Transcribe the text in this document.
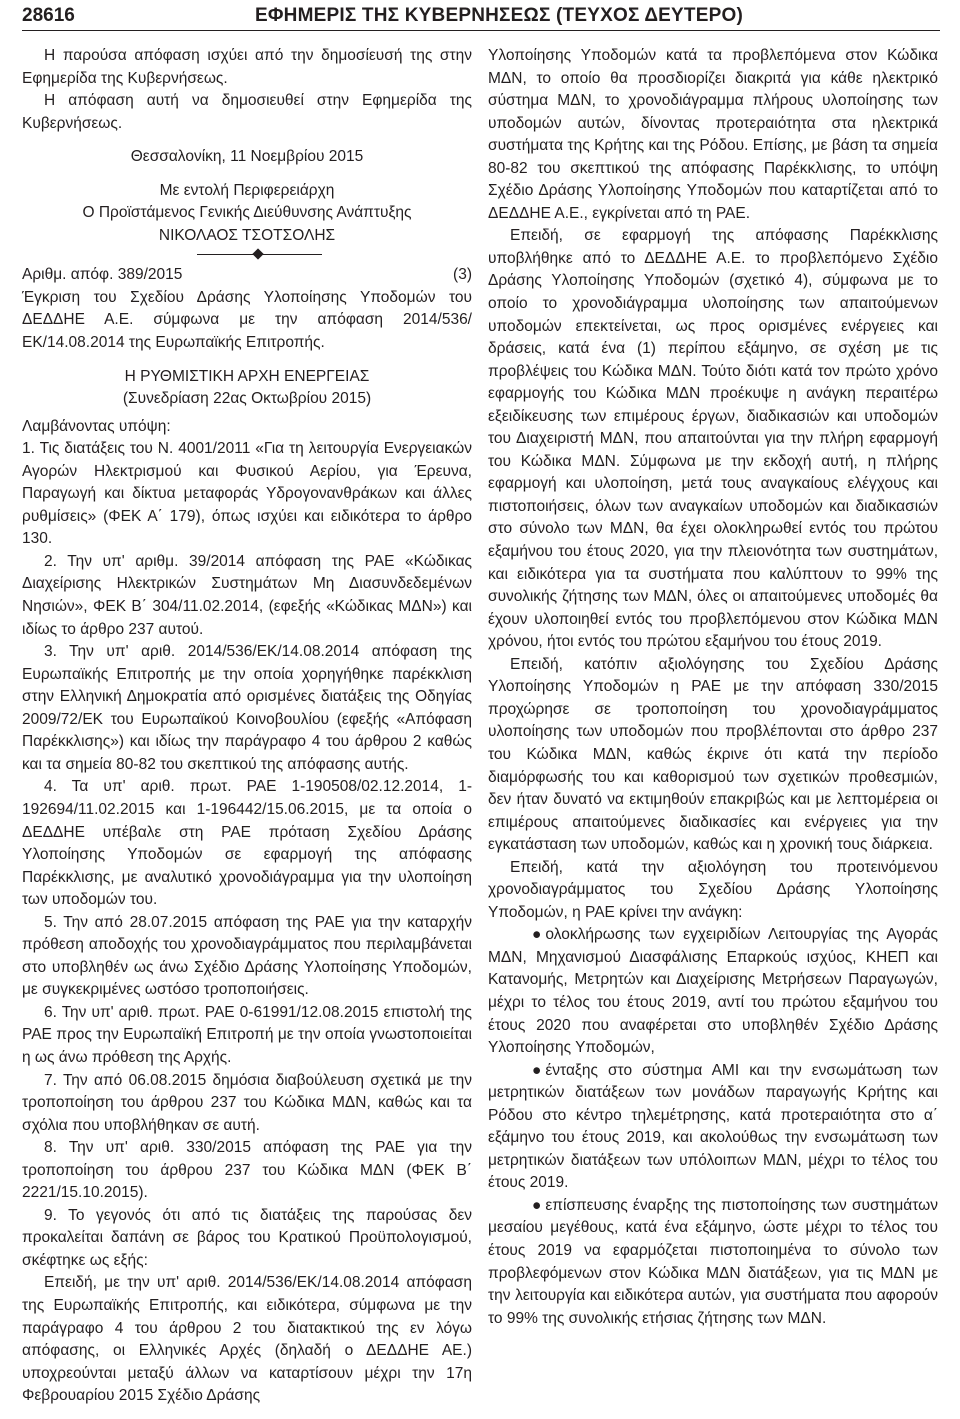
28616	ΕΦΗΜΕΡΙΣ ΤΗΣ ΚΥΒΕΡΝΗΣΕΩΣ (ΤΕΥΧΟΣ ΔΕΥΤΕΡΟ)

Η παρούσα απόφαση ισχύει από την δημοσίευσή της στην Εφημερίδα της Κυβερνήσεως.

Η απόφαση αυτή να δημοσιευθεί στην Εφημερίδα της Κυβερνήσεως.

Θεσσαλονίκη, 11 Νοεμβρίου 2015

Με εντολή Περιφερειάρχη

Ο Προϊστάμενος Γενικής Διεύθυνσης Ανάπτυξης

ΝΙΚΟΛΑΟΣ ΤΣΟΤΣΟΛΗΣ

Αριθμ. απόφ. 389/2015	(3)

Έγκριση του Σχεδίου Δράσης Υλοποίησης Υποδομών του ΔΕΔΔΗΕ Α.Ε. σύμφωνα με την απόφαση 2014/536/ ΕΚ/14.08.2014 της Ευρωπαϊκής Επιτροπής.

Η ΡΥΘΜΙΣΤΙΚΗ ΑΡΧΗ ΕΝΕΡΓΕΙΑΣ

(Συνεδρίαση 22ας Οκτωβρίου 2015)

Λαμβάνοντας υπόψη:

1. Τις διατάξεις του Ν. 4001/2011 «Για τη λειτουργία Ενεργειακών Αγορών Ηλεκτρισμού και Φυσικού Αερίου, για Έρευνα, Παραγωγή και δίκτυα μεταφοράς Υδρογονανθράκων και άλλες ρυθμίσεις» (ΦΕΚ Α΄ 179), όπως ισχύει και ειδικότερα το άρθρο 130.

2. Την υπ' αριθμ. 39/2014 απόφαση της ΡΑΕ «Κώδικας Διαχείρισης Ηλεκτρικών Συστημάτων Μη Διασυνδεδεμένων Νησιών», ΦΕΚ Β΄ 304/11.02.2014, (εφεξής «Κώδικας ΜΔΝ») και ιδίως το άρθρο 237 αυτού.

3. Την υπ' αριθ. 2014/536/ΕΚ/14.08.2014 απόφαση της Ευρωπαϊκής Επιτροπής με την οποία χορηγήθηκε παρέκκλιση στην Ελληνική Δημοκρατία από ορισμένες διατάξεις της Οδηγίας 2009/72/ΕΚ του Ευρωπαϊκού Κοινοβουλίου (εφεξής «Απόφαση Παρέκκλισης») και ιδίως την παράγραφο 4 του άρθρου 2 καθώς και τα σημεία 80-82 του σκεπτικού της απόφασης αυτής.

4. Τα υπ' αριθ. πρωτ. ΡΑΕ 1-190508/02.12.2014, 1-192694/11.02.2015 και 1-196442/15.06.2015, με τα οποία ο ΔΕΔΔΗΕ υπέβαλε στη ΡΑΕ πρόταση Σχεδίου Δράσης Υλοποίησης Υποδομών σε εφαρμογή της απόφασης Παρέκκλισης, με αναλυτικό χρονοδιάγραμμα για την υλοποίηση των υποδομών του.

5. Την από 28.07.2015 απόφαση της ΡΑΕ για την καταρχήν πρόθεση αποδοχής του χρονοδιαγράμματος που περιλαμβάνεται στο υποβληθέν ως άνω Σχέδιο Δράσης Υλοποίησης Υποδομών, με συγκεκριμένες ωστόσο τροποποιήσεις.

6. Την υπ' αριθ. πρωτ. ΡΑΕ 0-61991/12.08.2015 επιστολή της ΡΑΕ προς την Ευρωπαϊκή Επιτροπή με την οποία γνωστοποιείται η ως άνω πρόθεση της Αρχής.

7. Την από 06.08.2015 δημόσια διαβούλευση σχετικά με την τροποποίηση του άρθρου 237 του Κώδικα ΜΔΝ, καθώς και τα σχόλια που υποβλήθηκαν σε αυτή.

8. Την υπ' αριθ. 330/2015 απόφαση της ΡΑΕ για την τροποποίηση του άρθρου 237 του Κώδικα ΜΔΝ (ΦΕΚ Β΄ 2221/15.10.2015).

9. Το γεγονός ότι από τις διατάξεις της παρούσας δεν προκαλείται δαπάνη σε βάρος του Κρατικού Προϋπολογισμού, σκέφτηκε ως εξής:

Επειδή, με την υπ' αριθ. 2014/536/ΕΚ/14.08.2014 απόφαση της Ευρωπαϊκής Επιτροπής, και ειδικότερα, σύμφωνα με την παράγραφο 4 του άρθρου 2 του διατακτικού της εν λόγω απόφασης, οι Ελληνικές Αρχές (δηλαδή ο ΔΕΔΔΗΕ ΑΕ.) υποχρεούνται μεταξύ άλλων να καταρτίσουν μέχρι την 17η Φεβρουαρίου 2015 Σχέδιο Δράσης

Υλοποίησης Υποδομών κατά τα προβλεπόμενα στον Κώδικα ΜΔΝ, το οποίο θα προσδιορίζει διακριτά για κάθε ηλεκτρικό σύστημα ΜΔΝ, το χρονοδιάγραμμα πλήρους υλοποίησης των υποδομών αυτών, δίνοντας προτεραιότητα στα ηλεκτρικά συστήματα της Κρήτης και της Ρόδου. Επίσης, με βάση τα σημεία 80-82 του σκεπτικού της απόφασης Παρέκκλισης, το υπόψη Σχέδιο Δράσης Υλοποίησης Υποδομών που καταρτίζεται από το ΔΕΔΔΗΕ Α.Ε., εγκρίνεται από τη ΡΑΕ.

Επειδή, σε εφαρμογή της απόφασης Παρέκκλισης υποβλήθηκε από το ΔΕΔΔΗΕ Α.Ε. το προβλεπόμενο Σχέδιο Δράσης Υλοποίησης Υποδομών (σχετικό 4), σύμφωνα με το οποίο το χρονοδιάγραμμα υλοποίησης των απαιτούμενων υποδομών επεκτείνεται, ως προς ορισμένες ενέργειες και δράσεις, κατά ένα (1) περίπου εξάμηνο, σε σχέση με τις προβλέψεις του Κώδικα ΜΔΝ. Τούτο διότι κατά τον πρώτο χρόνο εφαρμογής του Κώδικα ΜΔΝ προέκυψε η ανάγκη περαιτέρω εξειδίκευσης των επιμέρους έργων, διαδικασιών και υποδομών του Διαχειριστή ΜΔΝ, που απαιτούνται για την πλήρη εφαρμογή του Κώδικα ΜΔΝ. Σύμφωνα με την εκδοχή αυτή, η πλήρης εφαρμογή και υλοποίηση, μετά τους αναγκαίους ελέγχους και πιστοποιήσεις, όλων των αναγκαίων υποδομών και διαδικασιών στο σύνολο των ΜΔΝ, θα έχει ολοκληρωθεί εντός του πρώτου εξαμήνου του έτους 2020, για την πλειονότητα των συστημάτων, και ειδικότερα για τα συστήματα που καλύπτουν το 99% της συνολικής ζήτησης των ΜΔΝ, όλες οι απαιτούμενες υποδομές θα έχουν υλοποιηθεί εντός του προβλεπόμενου στον Κώδικα ΜΔΝ χρόνου, ήτοι εντός του πρώτου εξαμήνου του έτους 2019.

Επειδή, κατόπιν αξιολόγησης του Σχεδίου Δράσης Υλοποίησης Υποδομών η ΡΑΕ με την απόφαση 330/2015 προχώρησε σε τροποποίηση του χρονοδιαγράμματος υλοποίησης των υποδομών που προβλέπονται στο άρθρο 237 του Κώδικα ΜΔΝ, καθώς έκρινε ότι κατά την περίοδο διαμόρφωσής του και καθορισμού των σχετικών προθεσμιών, δεν ήταν δυνατό να εκτιμηθούν επακριβώς και με λεπτομέρεια οι επιμέρους απαιτούμενες διαδικασίες και ενέργειες για την εγκατάσταση των υποδομών, καθώς και η χρονική τους διάρκεια.

Επειδή, κατά την αξιολόγηση του προτεινόμενου χρονοδιαγράμματος του Σχεδίου Δράσης Υλοποίησης Υποδομών, η ΡΑΕ κρίνει την ανάγκη:

● ολοκλήρωσης των εγχειριδίων Λειτουργίας της Αγοράς ΜΔΝ, Μηχανισμού Διασφάλισης Επαρκούς ισχύος, ΚΗΕΠ και Κατανομής, Μετρητών και Διαχείρισης Μετρήσεων Παραγωγών, μέχρι το τέλος του έτους 2019, αντί του πρώτου εξαμήνου του έτους 2020 που αναφέρεται στο υποβληθέν Σχέδιο Δράσης Υλοποίησης Υποδομών,

● ένταξης στο σύστημα ΑΜΙ και την ενσωμάτωση των μετρητικών διατάξεων των μονάδων παραγωγής Κρήτης και Ρόδου στο κέντρο τηλεμέτρησης, κατά προτεραιότητα στο α΄ εξάμηνο του έτους 2019, και ακολούθως την ενσωμάτωση των μετρητικών διατάξεων των υπόλοιπων ΜΔΝ, μέχρι το τέλος του έτους 2019.

● επίσπευσης έναρξης της πιστοποίησης των συστημάτων μεσαίου μεγέθους, κατά ένα εξάμηνο, ώστε μέχρι το τέλος του έτους 2019 να εφαρμόζεται πιστοποιημένα το σύνολο των προβλεφόμενων στον Κώδικα ΜΔΝ διατάξεων, για τις ΜΔΝ με την λειτουργία και ειδικότερα αυτών, για συστήματα που αφορούν το 99% της συνολικής ετήσιας ζήτησης των ΜΔΝ.
